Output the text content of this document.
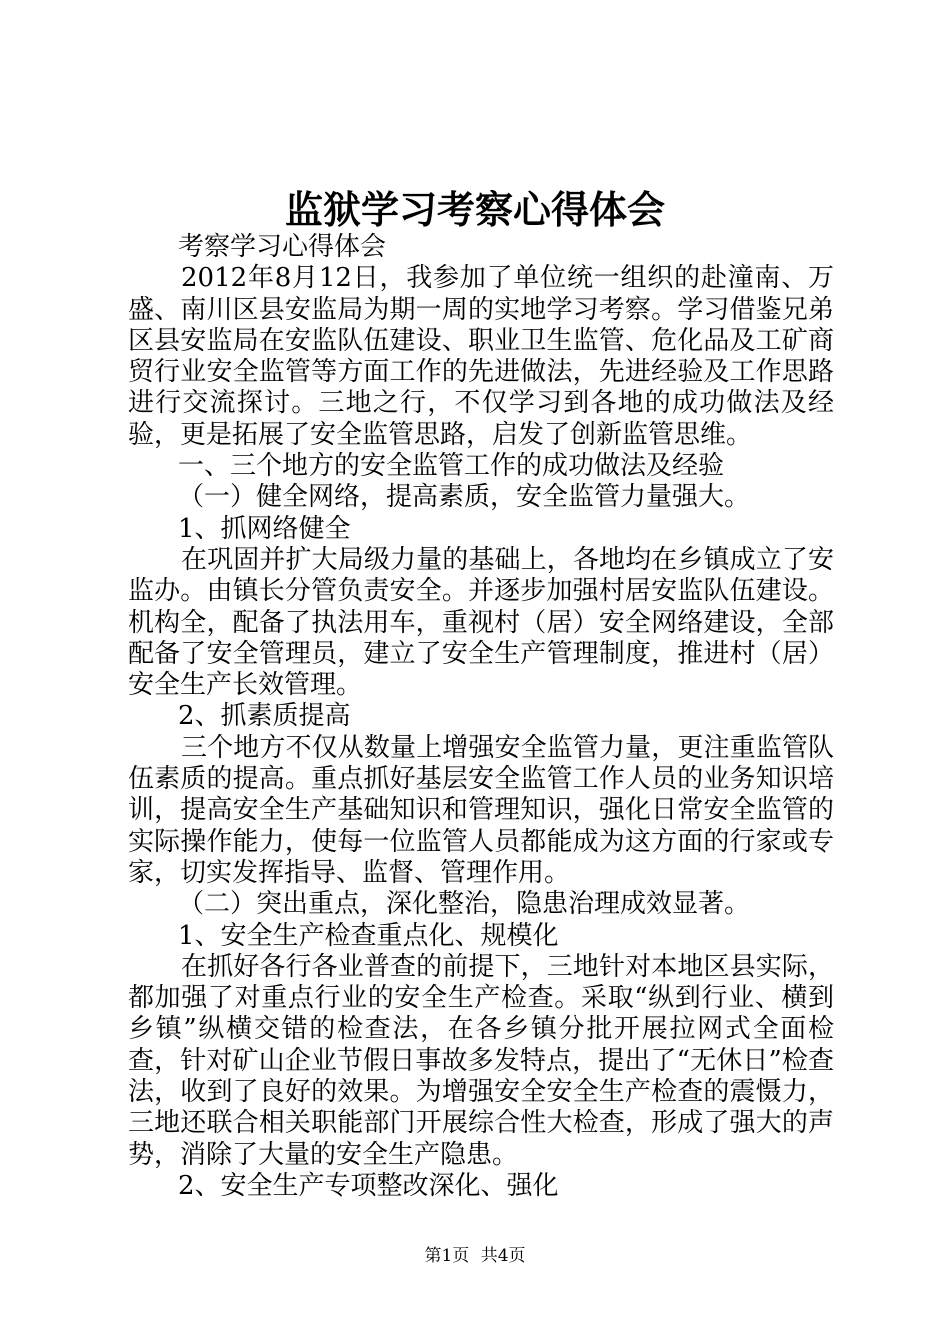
监狱学习考察心得体会

考察学习心得体会

2012年8月12日，我参加了单位统一组织的赴潼南、万盛、南川区县安监局为期一周的实地学习考察。学习借鉴兄弟区县安监局在安监队伍建设、职业卫生监管、危化品及工矿商贸行业安全监管等方面工作的先进做法，先进经验及工作思路进行交流探讨。三地之行，不仅学习到各地的成功做法及经验，更是拓展了安全监管思路，启发了创新监管思维。

一、三个地方的安全监管工作的成功做法及经验

（一）健全网络，提高素质，安全监管力量强大。

1、抓网络健全

在巩固并扩大局级力量的基础上，各地均在乡镇成立了安监办。由镇长分管负责安全。并逐步加强村居安监队伍建设。机构全，配备了执法用车，重视村（居）安全网络建设，全部配备了安全管理员，建立了安全生产管理制度，推进村（居）安全生产长效管理。

2、抓素质提高

三个地方不仅从数量上增强安全监管力量，更注重监管队伍素质的提高。重点抓好基层安全监管工作人员的业务知识培训，提高安全生产基础知识和管理知识，强化日常安全监管的实际操作能力，使每一位监管人员都能成为这方面的行家或专家，切实发挥指导、监督、管理作用。

（二）突出重点，深化整治，隐患治理成效显著。

1、安全生产检查重点化、规模化

在抓好各行各业普查的前提下，三地针对本地区县实际，都加强了对重点行业的安全生产检查。采取“纵到行业、横到乡镇”纵横交错的检查法，在各乡镇分批开展拉网式全面检查，针对矿山企业节假日事故多发特点，提出了“无休日”检查法，收到了良好的效果。为增强安全安全生产检查的震慑力，三地还联合相关职能部门开展综合性大检查，形成了强大的声势，消除了大量的安全生产隐患。

2、安全生产专项整改深化、强化

第1页 共4页
